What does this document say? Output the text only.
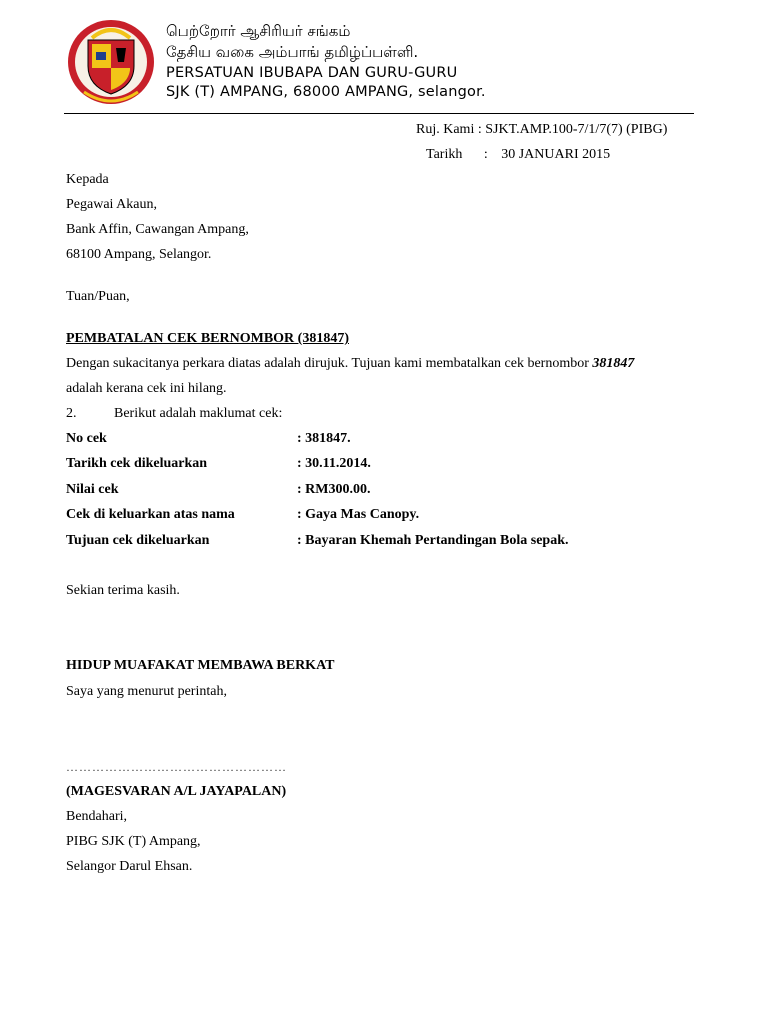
பெற்றோர் ஆசிரியர் சங்கம்
தேசிய வகை அம்பாங் தமிழ்ப்பள்ளி.
PERSATUAN IBUBAPA DAN GURU-GURU
SJK (T) AMPANG, 68000 AMPANG, selangor.
Ruj. Kami : SJKT.AMP.100-7/1/7(7) (PIBG)
Tarikh : 30 JANUARI 2015
Kepada
Pegawai Akaun,
Bank Affin, Cawangan Ampang,
68100 Ampang, Selangor.
Tuan/Puan,
PEMBATALAN CEK BERNOMBOR (381847)
Dengan sukacitanya perkara diatas adalah dirujuk. Tujuan kami membatalkan cek bernombor 381847
adalah kerana cek ini hilang.
2.	Berikut adalah maklumat cek:
No cek	: 381847.
Tarikh cek dikeluarkan	: 30.11.2014.
Nilai cek	: RM300.00.
Cek di keluarkan atas nama	: Gaya Mas Canopy.
Tujuan cek dikeluarkan	: Bayaran Khemah Pertandingan Bola sepak.
Sekian terima kasih.
HIDUP MUAFAKAT MEMBAWA BERKAT
Saya yang menurut perintah,
……………………………………………
(MAGESVARAN A/L JAYAPALAN)
Bendahari,
PIBG SJK (T) Ampang,
Selangor Darul Ehsan.
